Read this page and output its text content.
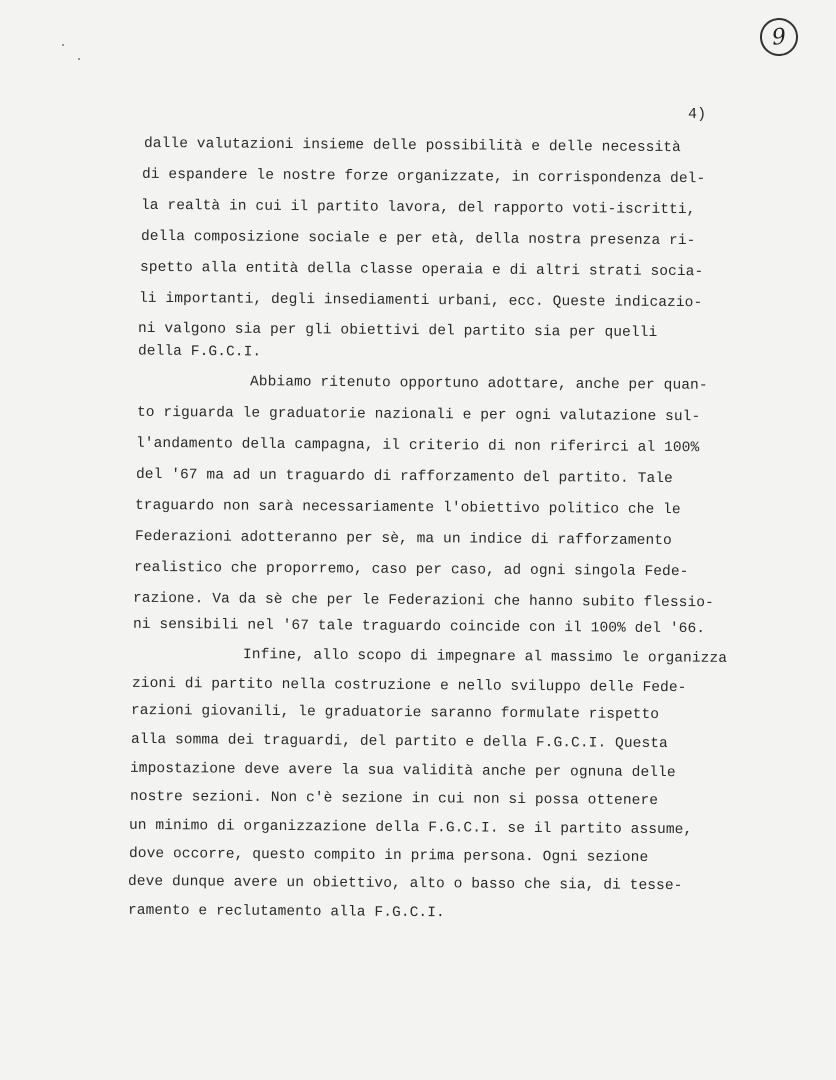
9
4)
dalle valutazioni insieme delle possibilità e delle necessità
di espandere le nostre forze organizzate, in corrispondenza del-
la realtà in cui il partito lavora, del rapporto voti-iscritti,
della composizione sociale e per età, della nostra presenza ri-
spetto alla entità della classe operaia e di altri strati socia-
li importanti, degli insediamenti urbani, ecc. Queste indicazio-
ni valgono sia per gli obiettivi del partito sia per quelli
della F.G.C.I.
Abbiamo ritenuto opportuno adottare, anche per quan-
to riguarda le graduatorie nazionali e per ogni valutazione sul-
l'andamento della campagna, il criterio di non riferirci al 100%
del '67 ma ad un traguardo di rafforzamento del partito. Tale
traguardo non sarà necessariamente l'obiettivo politico che le
Federazioni adotteranno per sè, ma un indice di rafforzamento
realistico che proporremo, caso per caso, ad ogni singola Fede-
razione. Va da sè che per le Federazioni che hanno subito flessio-
ni sensibili nel '67 tale traguardo coincide con il 100% del '66.
Infine, allo scopo di impegnare al massimo le organizza
zioni di partito nella costruzione e nello sviluppo delle Fede-
razioni giovanili, le graduatorie saranno formulate rispetto
alla somma dei traguardi, del partito e della F.G.C.I. Questa
impostazione deve avere la sua validità anche per ognuna delle
nostre sezioni. Non c'è sezione in cui non si possa ottenere
un minimo di organizzazione della F.G.C.I. se il partito assume,
dove occorre, questo compito in prima persona. Ogni sezione
deve dunque avere un obiettivo, alto o basso che sia, di tesse-
ramento e reclutamento alla F.G.C.I.
